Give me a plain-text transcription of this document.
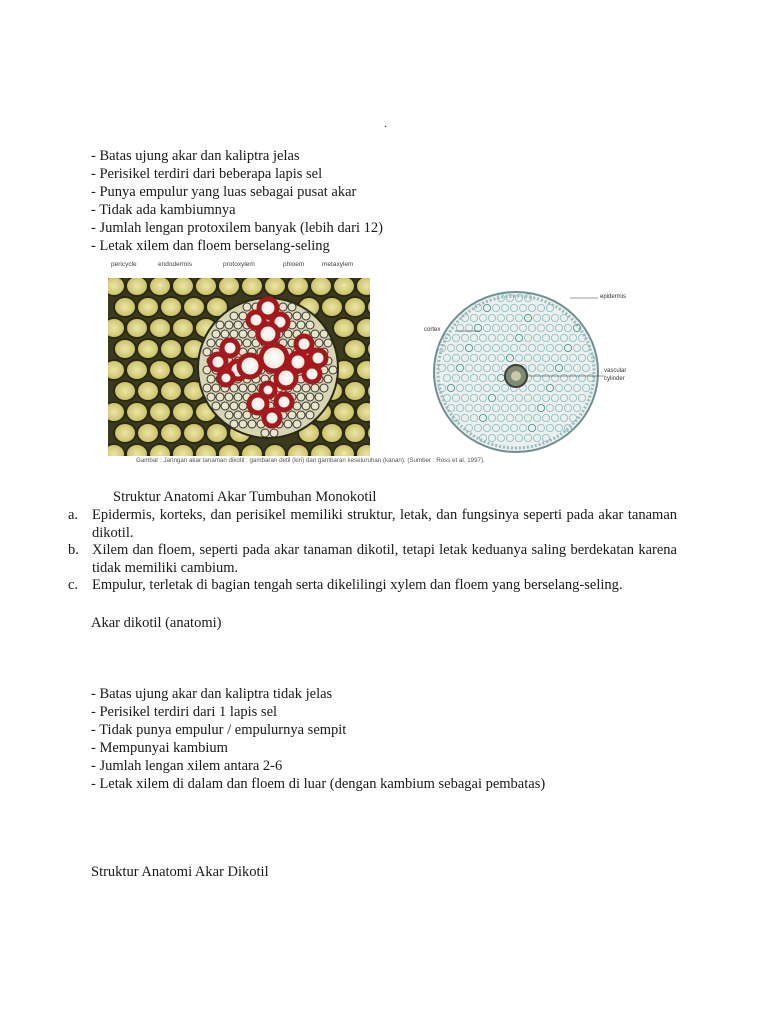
.
- Batas ujung akar dan kaliptra jelas
- Perisikel terdiri dari beberapa lapis sel
- Punya empulur yang luas sebagai pusat akar
- Tidak ada kambiumnya
- Jumlah lengan protoxilem banyak (lebih dari 12)
- Letak xilem dan floem berselang-seling
pericycle	endodermis	protoxylem	phloem	metaxylem
epidermis
cortex
vascular
cylinder
Gambar : Jaringan akar tanaman dikotil : gambaran detil (kiri) dan gambaran keseluruhan (kanan). (Sumber : Ross et al. 1997).
Struktur Anatomi Akar Tumbuhan Monokotil
a. Epidermis, korteks, dan perisikel memiliki struktur, letak, dan fungsinya seperti pada akar tanaman dikotil.
b. Xilem dan floem, seperti pada akar tanaman dikotil, tetapi letak keduanya saling berdekatan karena tidak memiliki cambium.
c. Empulur, terletak di bagian tengah serta dikelilingi xylem dan floem yang berselang-seling.
Akar dikotil (anatomi)
- Batas ujung akar dan kaliptra tidak jelas
- Perisikel terdiri dari 1 lapis sel
- Tidak punya empulur / empulurnya sempit
- Mempunyai kambium
- Jumlah lengan xilem antara 2-6
- Letak xilem di dalam dan floem di luar (dengan kambium sebagai pembatas)
Struktur Anatomi Akar Dikotil
